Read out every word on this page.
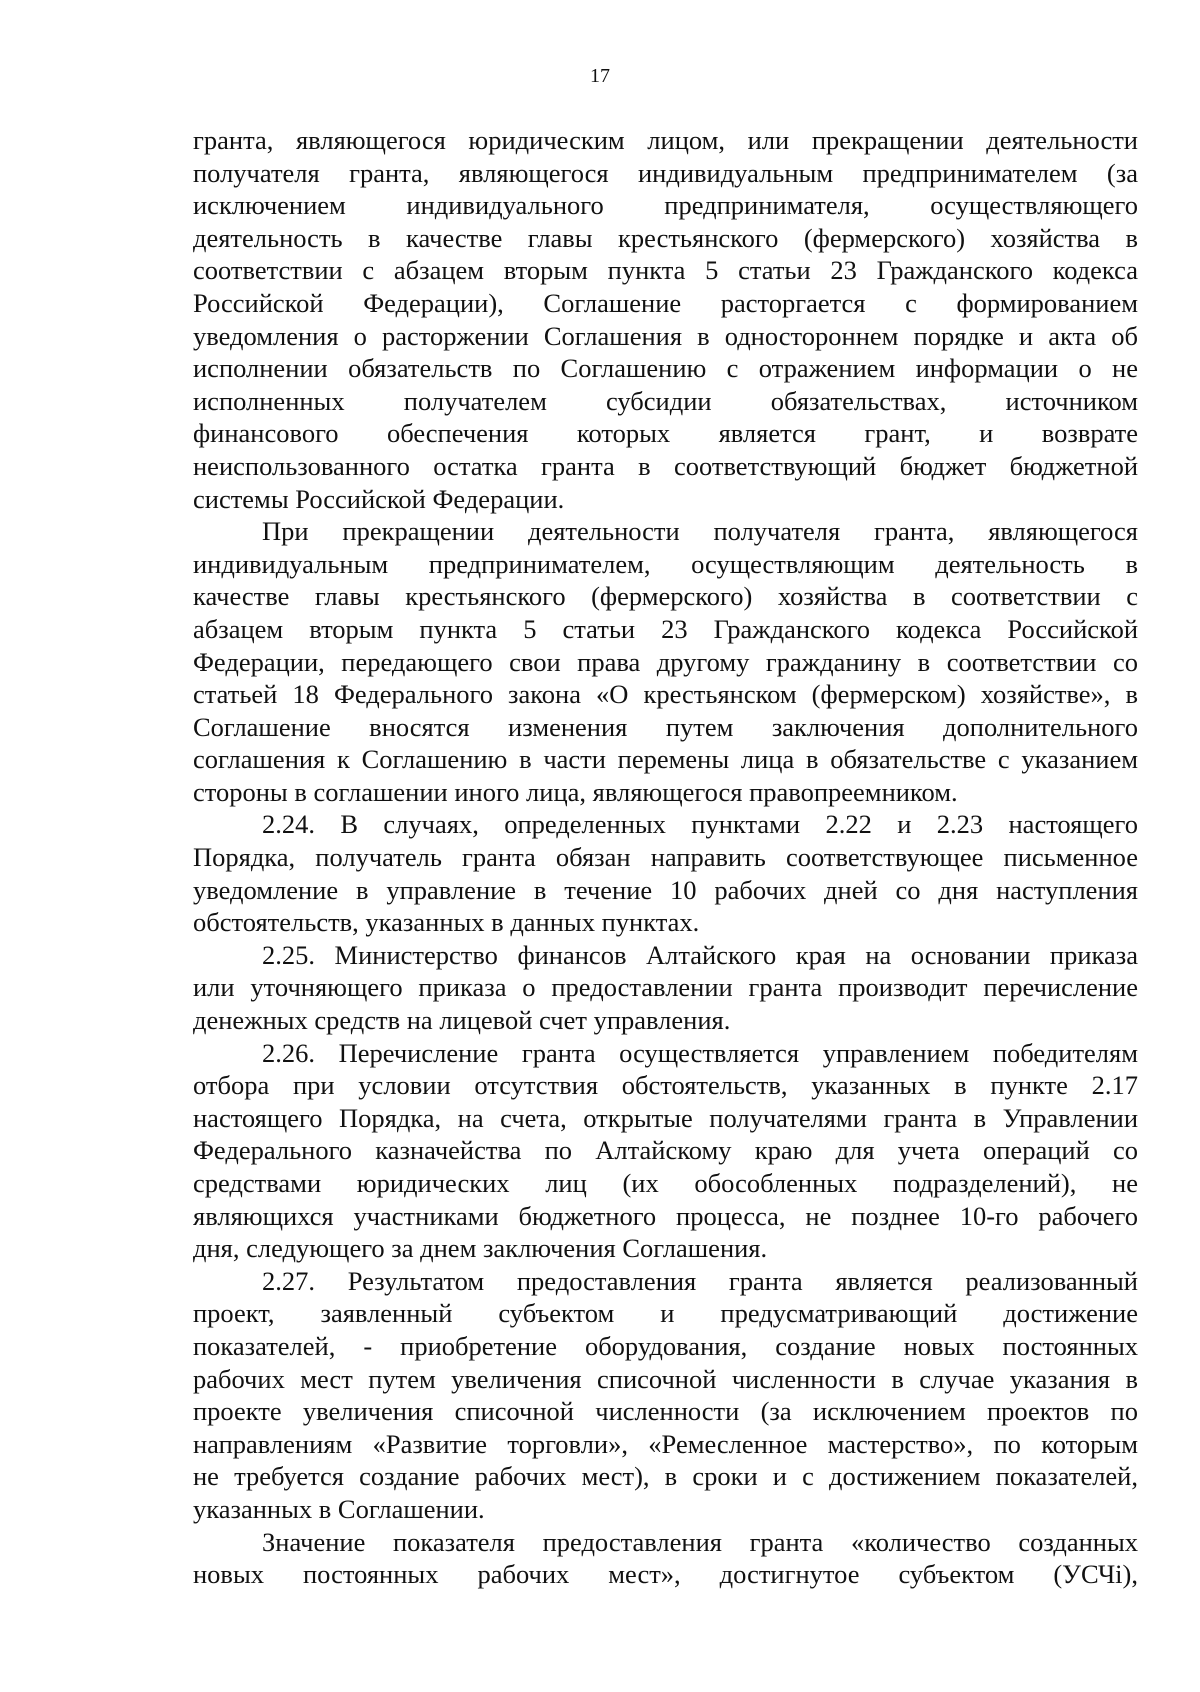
17
гранта, являющегося юридическим лицом, или прекращении деятельности
получателя гранта, являющегося индивидуальным предпринимателем (за
исключением индивидуального предпринимателя, осуществляющего
деятельность в качестве главы крестьянского (фермерского) хозяйства в
соответствии с абзацем вторым пункта 5 статьи 23 Гражданского кодекса
Российской Федерации), Соглашение расторгается с формированием
уведомления о расторжении Соглашения в одностороннем порядке и акта об
исполнении обязательств по Соглашению с отражением информации о не
исполненных получателем субсидии обязательствах, источником
финансового обеспечения которых является грант, и возврате
неиспользованного остатка гранта в соответствующий бюджет бюджетной
системы Российской Федерации.
При прекращении деятельности получателя гранта, являющегося
индивидуальным предпринимателем, осуществляющим деятельность в
качестве главы крестьянского (фермерского) хозяйства в соответствии с
абзацем вторым пункта 5 статьи 23 Гражданского кодекса Российской
Федерации, передающего свои права другому гражданину в соответствии со
статьей 18 Федерального закона «О крестьянском (фермерском) хозяйстве», в
Соглашение вносятся изменения путем заключения дополнительного
соглашения к Соглашению в части перемены лица в обязательстве с указанием
стороны в соглашении иного лица, являющегося правопреемником.
2.24. В случаях, определенных пунктами 2.22 и 2.23 настоящего
Порядка, получатель гранта обязан направить соответствующее письменное
уведомление в управление в течение 10 рабочих дней со дня наступления
обстоятельств, указанных в данных пунктах.
2.25. Министерство финансов Алтайского края на основании приказа
или уточняющего приказа о предоставлении гранта производит перечисление
денежных средств на лицевой счет управления.
2.26. Перечисление гранта осуществляется управлением победителям
отбора при условии отсутствия обстоятельств, указанных в пункте 2.17
настоящего Порядка, на счета, открытые получателями гранта в Управлении
Федерального казначейства по Алтайскому краю для учета операций со
средствами юридических лиц (их обособленных подразделений), не
являющихся участниками бюджетного процесса, не позднее 10-го рабочего
дня, следующего за днем заключения Соглашения.
2.27. Результатом предоставления гранта является реализованный
проект, заявленный субъектом и предусматривающий достижение
показателей, - приобретение оборудования, создание новых постоянных
рабочих мест путем увеличения списочной численности в случае указания в
проекте увеличения списочной численности (за исключением проектов по
направлениям «Развитие торговли», «Ремесленное мастерство», по которым
не требуется создание рабочих мест), в сроки и с достижением показателей,
указанных в Соглашении.
Значение показателя предоставления гранта «количество созданных
новых постоянных рабочих мест», достигнутое субъектом (УСЧі),
